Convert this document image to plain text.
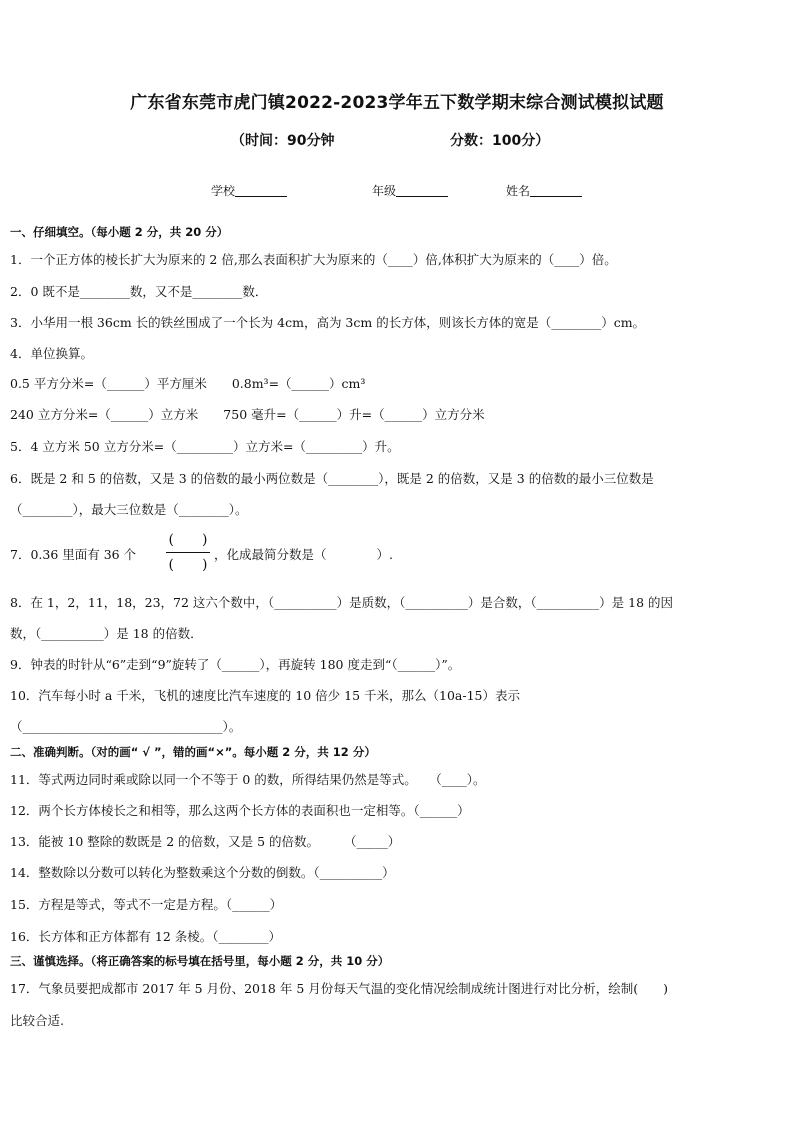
广东省东莞市虎门镇2022-2023学年五下数学期末综合测试模拟试题
（时间：90分钟	分数：100分）
学校	年级	姓名
一、仔细填空。（每小题 2 分，共 20 分）
1．一个正方体的棱长扩大为原来的 2 倍,那么表面积扩大为原来的（____）倍,体积扩大为原来的（____）倍。
2．0 既不是________数，又不是________数．
3．小华用一根 36cm 长的铁丝围成了一个长为 4cm，高为 3cm 的长方体，则该长方体的宽是（________）cm。
4．单位换算。
0.5 平方分米=（______）平方厘米　　0.8m³=（______）cm³
240 立方分米=（______）立方米　　750 毫升=（______）升=（______）立方分米
5．4 立方米 50 立方分米=（_________）立方米=（_________）升。
6．既是 2 和 5 的倍数，又是 3 的倍数的最小两位数是（________），既是 2 的倍数，又是 3 的倍数的最小三位数是
（________），最大三位数是（________）。
7．0.36 里面有 36 个
(　　)
(　　)
，化成最简分数是（　　　　）.
8．在 1，2，11，18，23，72 这六个数中，（__________）是质数，（__________）是合数，（__________）是 18 的因
数，（__________）是 18 的倍数．
9．钟表的时针从“6”走到“9”旋转了（______），再旋转 180 度走到“（______）”。
10．汽车每小时 a 千米，飞机的速度比汽车速度的 10 倍少 15 千米，那么（10a-15）表示
（________________________________）。
二、准确判断。（对的画“ √ ”，错的画“×”。每小题 2 分，共 12 分）
11．等式两边同时乘或除以同一个不等于 0 的数，所得结果仍然是等式。　　（____）。
12．两个长方体棱长之和相等，那么这两个长方体的表面积也一定相等。（______）
13．能被 10 整除的数既是 2 的倍数，又是 5 的倍数。　　　（_____）
14．整数除以分数可以转化为整数乘这个分数的倒数。（__________）
15．方程是等式，等式不一定是方程。（______）
16．长方体和正方体都有 12 条棱。（________）
三、谨慎选择。（将正确答案的标号填在括号里，每小题 2 分，共 10 分）
17．气象员要把成都市 2017 年 5 月份、2018 年 5 月份每天气温的变化情况绘制成统计图进行对比分析，绘制(　　)
比较合适.
